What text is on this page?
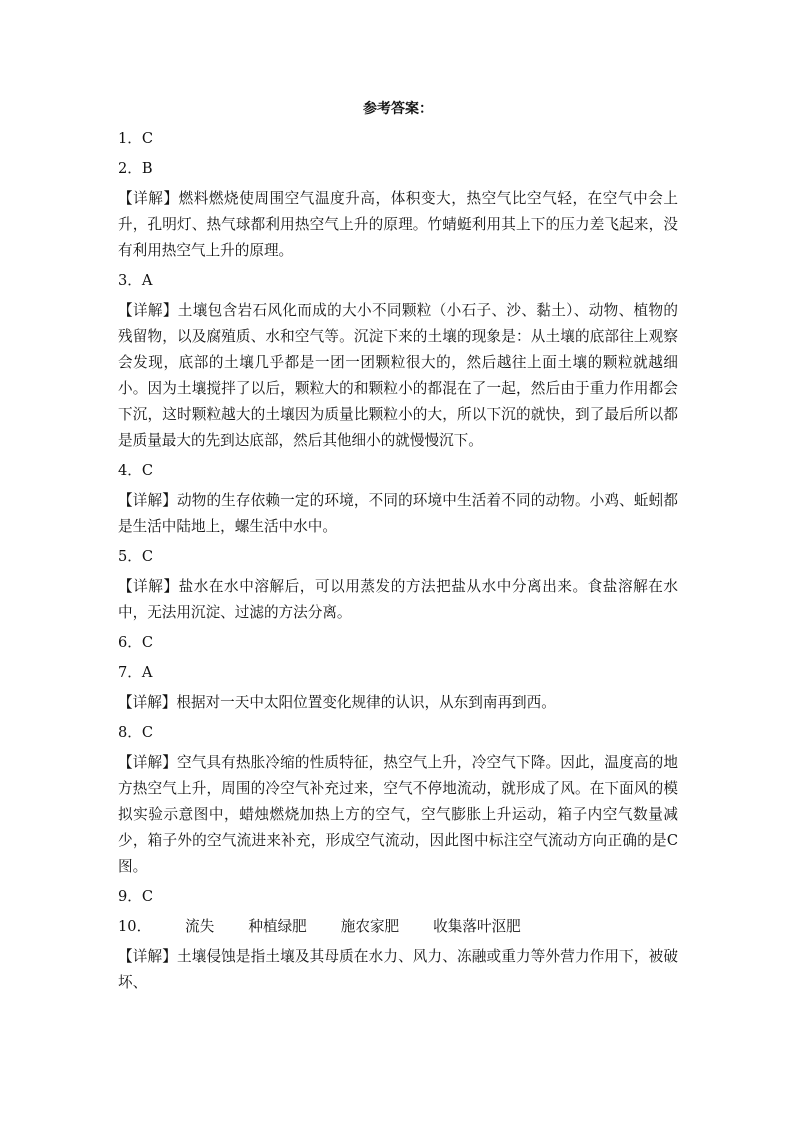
参考答案：
1．C
2．B
【详解】燃料燃烧使周围空气温度升高，体积变大，热空气比空气轻，在空气中会上升，孔明灯、热气球都利用热空气上升的原理。竹蜻蜓利用其上下的压力差飞起来，没有利用热空气上升的原理。
3．A
【详解】土壤包含岩石风化而成的大小不同颗粒（小石子、沙、黏土）、动物、植物的残留物，以及腐殖质、水和空气等。沉淀下来的土壤的现象是：从土壤的底部往上观察会发现，底部的土壤几乎都是一团一团颗粒很大的，然后越往上面土壤的颗粒就越细小。因为土壤搅拌了以后，颗粒大的和颗粒小的都混在了一起，然后由于重力作用都会下沉，这时颗粒越大的土壤因为质量比颗粒小的大，所以下沉的就快，到了最后所以都是质量最大的先到达底部，然后其他细小的就慢慢沉下。
4．C
【详解】动物的生存依赖一定的环境，不同的环境中生活着不同的动物。小鸡、蚯蚓都是生活中陆地上，螺生活中水中。
5．C
【详解】盐水在水中溶解后，可以用蒸发的方法把盐从水中分离出来。食盐溶解在水中，无法用沉淀、过滤的方法分离。
6．C
7．A
【详解】根据对一天中太阳位置变化规律的认识，从东到南再到西。
8．C
【详解】空气具有热胀冷缩的性质特征，热空气上升，冷空气下降。因此，温度高的地方热空气上升，周围的冷空气补充过来，空气不停地流动，就形成了风。在下面风的模拟实验示意图中，蜡烛燃烧加热上方的空气，空气膨胀上升运动，箱子内空气数量减少，箱子外的空气流进来补充，形成空气流动，因此图中标注空气流动方向正确的是C图。
9．C
10． 流失 种植绿肥 施农家肥 收集落叶沤肥
【详解】土壤侵蚀是指土壤及其母质在水力、风力、冻融或重力等外营力作用下，被破坏、
